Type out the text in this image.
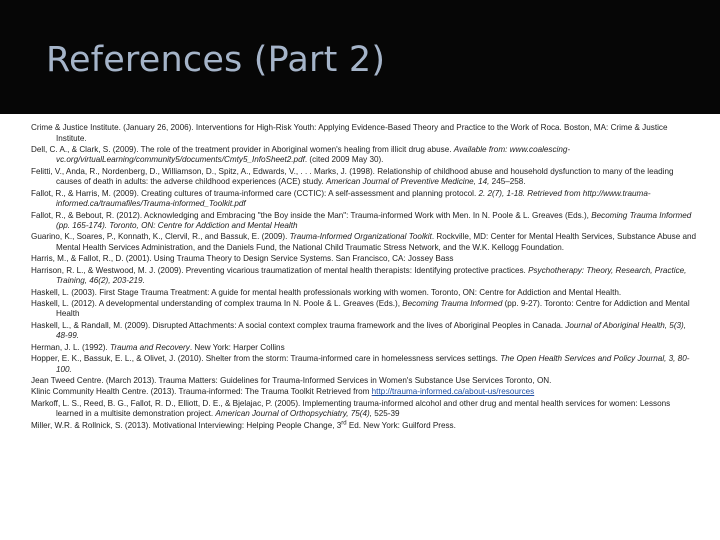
References (Part 2)
Crime & Justice Institute. (January 26, 2006). Interventions for High-Risk Youth: Applying Evidence-Based Theory and Practice to the Work of Roca. Boston, MA: Crime & Justice Institute.
Dell, C. A., & Clark, S. (2009). The role of the treatment provider in Aboriginal women's healing from illicit drug abuse. Available from: www.coalescing-vc.org/virtualLearning/community5/documents/Cmty5_InfoSheet2.pdf. (cited 2009 May 30).
Felitti, V., Anda, R., Nordenberg, D., Williamson, D., Spitz, A., Edwards, V., . . . Marks, J. (1998). Relationship of childhood abuse and household dysfunction to many of the leading causes of death in adults: the adverse childhood experiences (ACE) study. American Journal of Preventive Medicine, 14, 245–258.
Fallot, R., & Harris, M. (2009). Creating cultures of trauma-informed care (CCTIC): A self-assessment and planning protocol. 2. 2(7), 1-18. Retrieved from http://www.trauma-informed.ca/traumafiles/Trauma-informed_Toolkit.pdf
Fallot, R., & Bebout, R. (2012). Acknowledging and Embracing "the Boy inside the Man": Trauma-informed Work with Men. In N. Poole & L. Greaves (Eds.), Becoming Trauma Informed (pp. 165-174). Toronto, ON: Centre for Addiction and Mental Health
Guarino, K., Soares, P., Konnath, K., Clervil, R., and Bassuk, E. (2009). Trauma-Informed Organizational Toolkit. Rockville, MD: Center for Mental Health Services, Substance Abuse and Mental Health Services Administration, and the Daniels Fund, the National Child Traumatic Stress Network, and the W.K. Kellogg Foundation.
Harris, M., & Fallot, R., D. (2001). Using Trauma Theory to Design Service Systems. San Francisco, CA: Jossey Bass
Harrison, R. L., & Westwood, M. J. (2009). Preventing vicarious traumatization of mental health therapists: Identifying protective practices. Psychotherapy: Theory, Research, Practice, Training, 46(2), 203-219.
Haskell, L. (2003). First Stage Trauma Treatment: A guide for mental health professionals working with women. Toronto, ON: Centre for Addiction and Mental Health.
Haskell, L. (2012). A developmental understanding of complex trauma In N. Poole & L. Greaves (Eds.), Becoming Trauma Informed (pp. 9-27). Toronto: Centre for Addiction and Mental Health
Haskell, L., & Randall, M. (2009). Disrupted Attachments: A social context complex trauma framework and the lives of Aboriginal Peoples in Canada. Journal of Aboriginal Health, 5(3), 48-99.
Herman, J. L. (1992). Trauma and Recovery. New York: Harper Collins
Hopper, E. K., Bassuk, E. L., & Olivet, J. (2010). Shelter from the storm: Trauma-informed care in homelessness services settings. The Open Health Services and Policy Journal, 3, 80-100.
Jean Tweed Centre. (March 2013). Trauma Matters: Guidelines for Trauma-Informed Services in Women's Substance Use Services Toronto, ON.
Klinic Community Health Centre. (2013). Trauma-informed: The Trauma Toolkit Retrieved from http://trauma-informed.ca/about-us/resources
Markoff, L. S., Reed, B. G., Fallot, R. D., Elliott, D. E., & Bjelajac, P. (2005). Implementing trauma-informed alcohol and other drug and mental health services for women: Lessons learned in a multisite demonstration project. American Journal of Orthopsychiatry, 75(4), 525-39
Miller, W.R. & Rollnick, S. (2013). Motivational Interviewing: Helping People Change, 3rd Ed. New York: Guilford Press.
